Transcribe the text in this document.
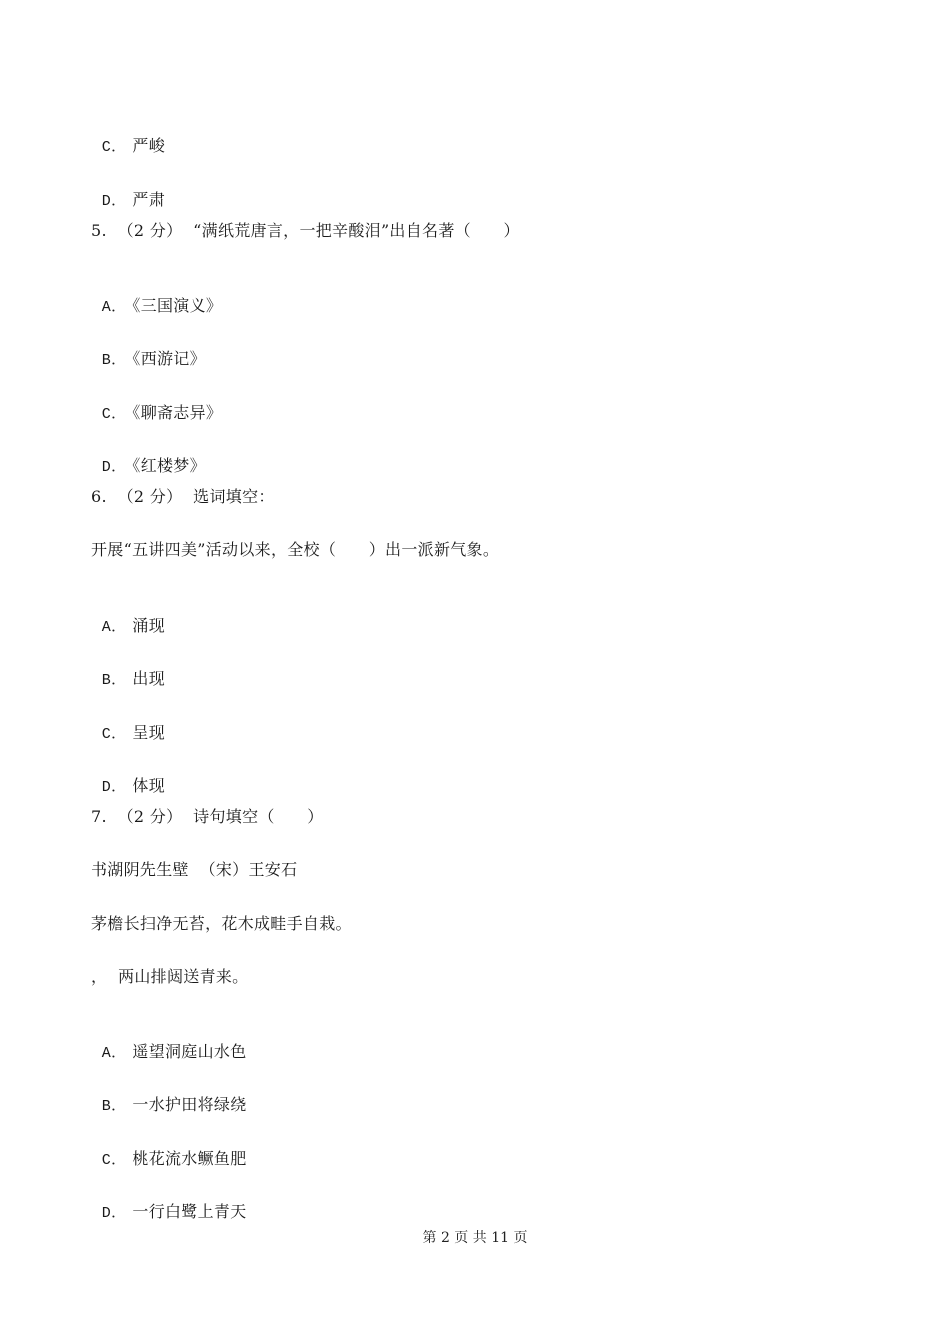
C． 严峻

D． 严肃

5.  （2 分）  “满纸荒唐言，一把辛酸泪”出自名著（　　）

A． 《三国演义》

B． 《西游记》

C． 《聊斋志异》

D． 《红楼梦》

6.  （2 分）  选词填空：
开展“五讲四美”活动以来，全校（　　）出一派新气象。

A． 涌现

B． 出现

C． 呈现

D． 体现

7.  （2 分）  诗句填空（　　）
书湖阴先生壁  （宋）王安石
茅檐长扫净无苔，花木成畦手自栽。
，  两山排闼送青来。

A． 遥望洞庭山水色

B． 一水护田将绿绕

C． 桃花流水鳜鱼肥

D． 一行白鹭上青天

第 2 页 共 11 页
